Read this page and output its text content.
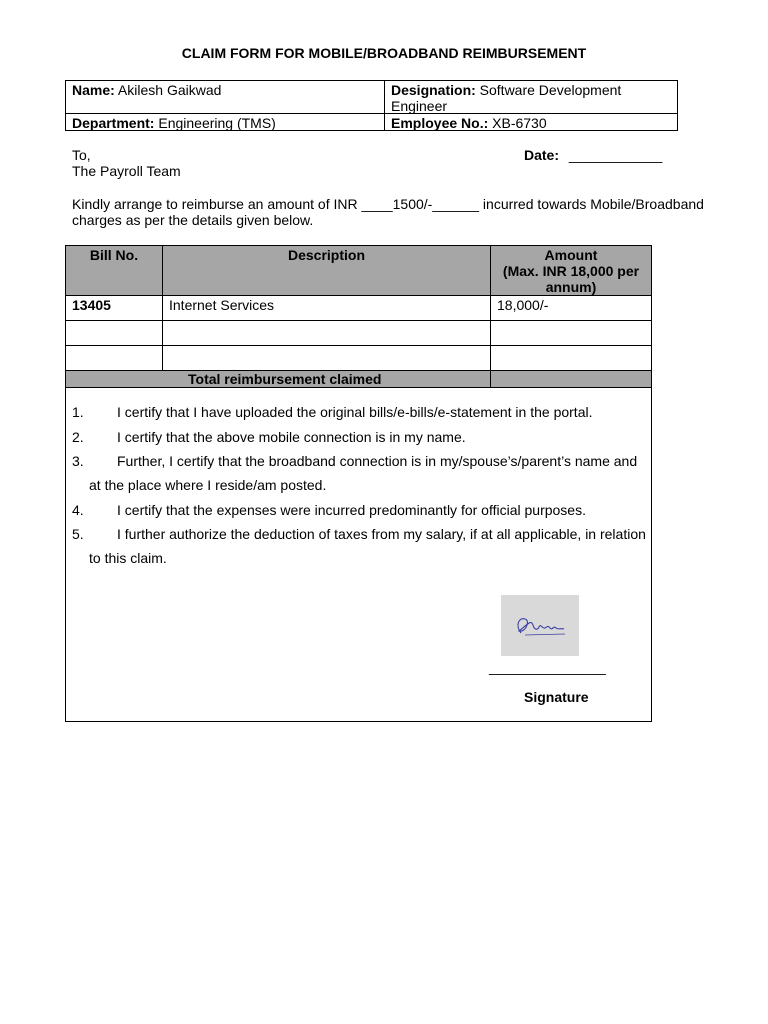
CLAIM FORM FOR MOBILE/BROADBAND REIMBURSEMENT
Name: Akilesh Gaikwad	Designation: Software Development
Engineer
Department: Engineering (TMS)	Employee No.: XB-6730
To,
The Payroll Team
Date: ____________
Kindly arrange to reimburse an amount of INR ____1500/-______ incurred towards Mobile/Broadband
charges as per the details given below.
Bill No.	Description	Amount
(Max. INR 18,000 per
annum)
13405	Internet Services	18,000/-
Total reimbursement claimed
1. I certify that I have uploaded the original bills/e-bills/e-statement in the portal.
2. I certify that the above mobile connection is in my name.
3. Further, I certify that the broadband connection is in my/spouse’s/parent’s name and
at the place where I reside/am posted.
4. I certify that the expenses were incurred predominantly for official purposes.
5. I further authorize the deduction of taxes from my salary, if at all applicable, in relation
to this claim.
_______________
Signature
